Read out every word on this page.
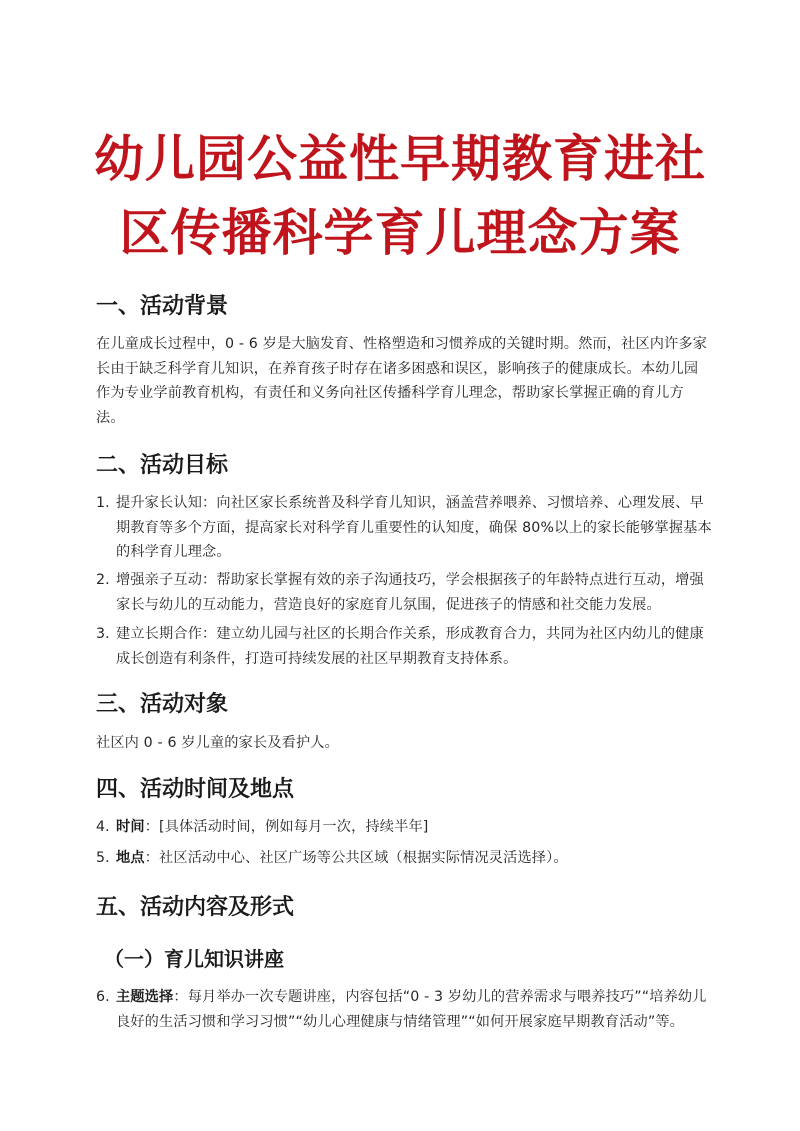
幼儿园公益性早期教育进社
区传播科学育儿理念方案
一、活动背景
在儿童成长过程中，0 - 6 岁是大脑发育、性格塑造和习惯养成的关键时期。然而，社区内许多家长由于缺乏科学育儿知识，在养育孩子时存在诸多困惑和误区，影响孩子的健康成长。本幼儿园作为专业学前教育机构，有责任和义务向社区传播科学育儿理念，帮助家长掌握正确的育儿方法。
二、活动目标
1. 提升家长认知：向社区家长系统普及科学育儿知识，涵盖营养喂养、习惯培养、心理发展、早期教育等多个方面，提高家长对科学育儿重要性的认知度，确保 80%以上的家长能够掌握基本的科学育儿理念。
2. 增强亲子互动：帮助家长掌握有效的亲子沟通技巧，学会根据孩子的年龄特点进行互动，增强家长与幼儿的互动能力，营造良好的家庭育儿氛围，促进孩子的情感和社交能力发展。
3. 建立长期合作：建立幼儿园与社区的长期合作关系，形成教育合力，共同为社区内幼儿的健康成长创造有利条件，打造可持续发展的社区早期教育支持体系。
三、活动对象
社区内 0 - 6 岁儿童的家长及看护人。
四、活动时间及地点
4. 时间：[具体活动时间，例如每月一次，持续半年]
5. 地点：社区活动中心、社区广场等公共区域（根据实际情况灵活选择）。
五、活动内容及形式
（一）育儿知识讲座
6. 主题选择：每月举办一次专题讲座，内容包括“0 - 3 岁幼儿的营养需求与喂养技巧”“培养幼儿良好的生活习惯和学习习惯”“幼儿心理健康与情绪管理”“如何开展家庭早期教育活动”等。
